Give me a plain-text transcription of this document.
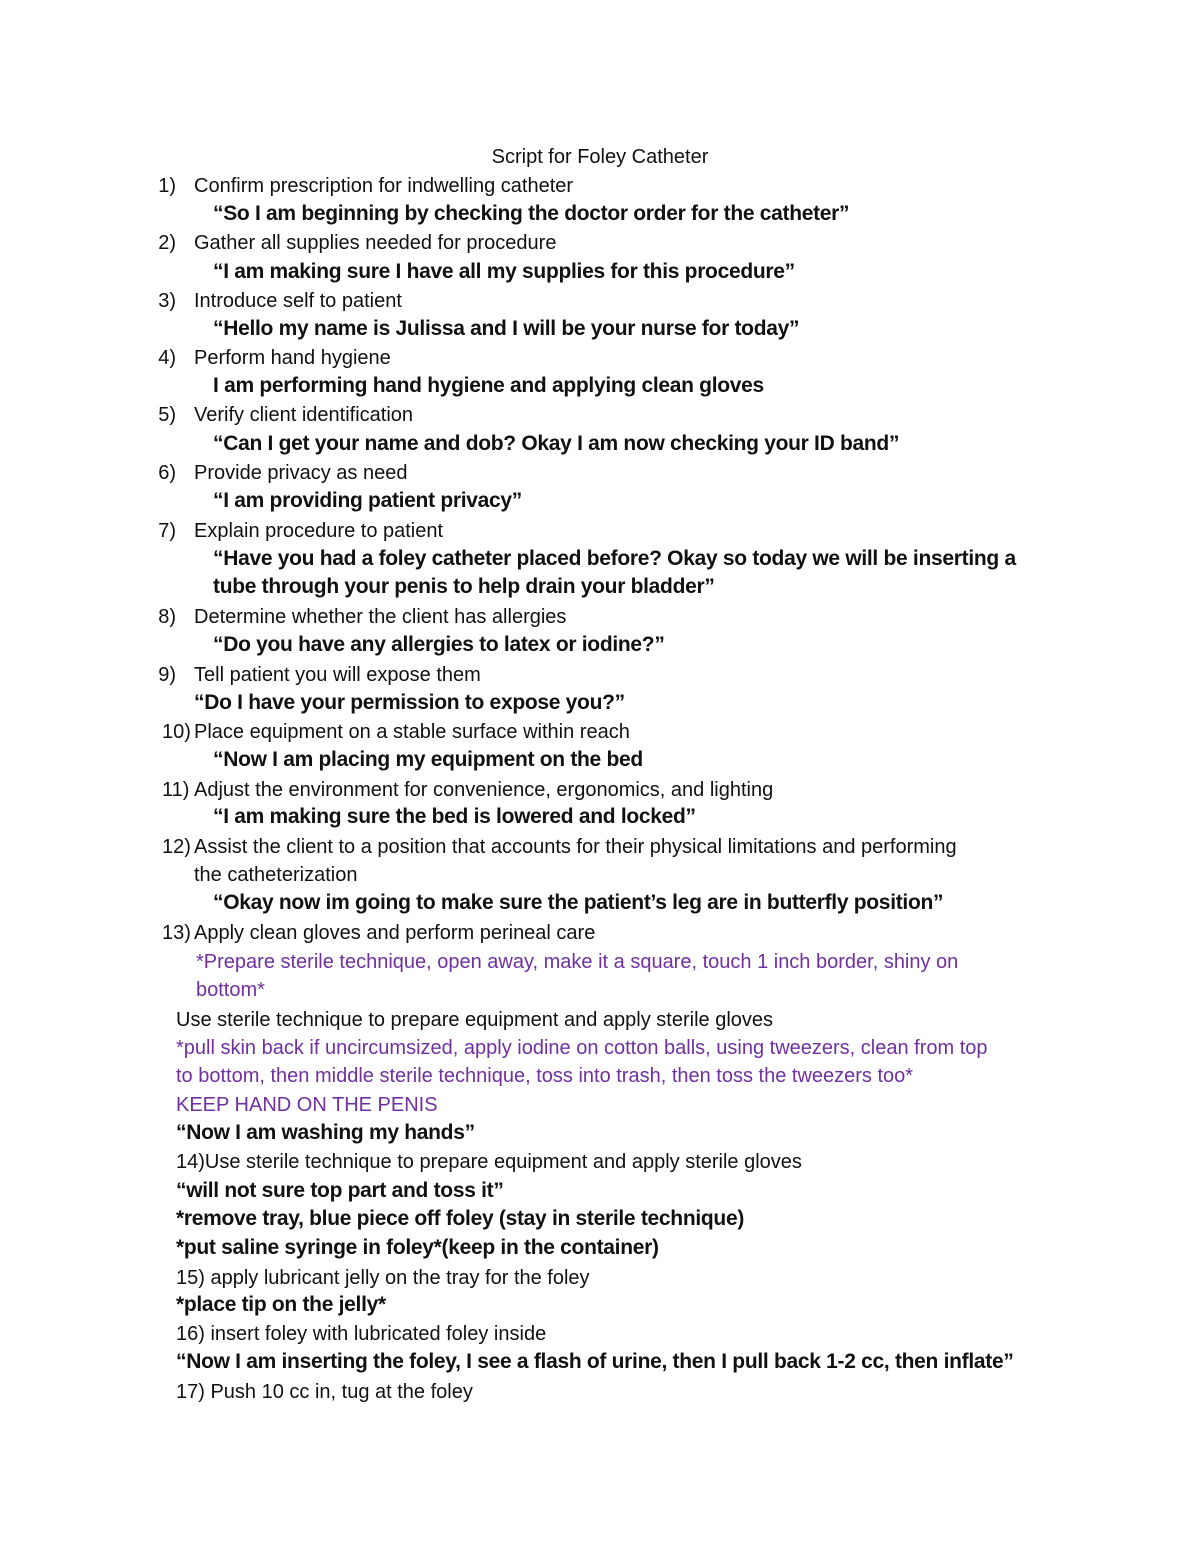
Script for Foley Catheter
1) Confirm prescription for indwelling catheter
“So I am beginning by checking the doctor order for the catheter”
2) Gather all supplies needed for procedure
“I am making sure I have all my supplies for this procedure”
3) Introduce self to patient
“Hello my name is Julissa and I will be your nurse for today”
4) Perform hand hygiene
I am performing hand hygiene and applying clean gloves
5) Verify client identification
“Can I get your name and dob? Okay I am now checking your ID band”
6) Provide privacy as need
“I am providing patient privacy”
7) Explain procedure to patient
“Have you had a foley catheter placed before? Okay so today we will be inserting a
tube through your penis to help drain your bladder”
8) Determine whether the client has allergies
“Do you have any allergies to latex or iodine?”
9) Tell patient you will expose them
“Do I have your permission to expose you?”
10) Place equipment on a stable surface within reach
“Now I am placing my equipment on the bed
11) Adjust the environment for convenience, ergonomics, and lighting
“I am making sure the bed is lowered and locked”
12) Assist the client to a position that accounts for their physical limitations and performing
the catheterization
“Okay now im going to make sure the patient’s leg are in butterfly position”
13) Apply clean gloves and perform perineal care
*Prepare sterile technique, open away, make it a square, touch 1 inch border, shiny on
bottom*
Use sterile technique to prepare equipment and apply sterile gloves
*pull skin back if uncircumsized, apply iodine on cotton balls, using tweezers, clean from top
to bottom, then middle sterile technique, toss into trash, then toss the tweezers too*
KEEP HAND ON THE PENIS
“Now I am washing my hands”
14)Use sterile technique to prepare equipment and apply sterile gloves
“will not sure top part and toss it”
*remove tray, blue piece off foley (stay in sterile technique)
*put saline syringe in foley*(keep in the container)
15) apply lubricant jelly on the tray for the foley
*place tip on the jelly*
16) insert foley with lubricated foley inside
“Now I am inserting the foley, I see a flash of urine, then I pull back 1-2 cc, then inflate”
17) Push 10 cc in, tug at the foley
